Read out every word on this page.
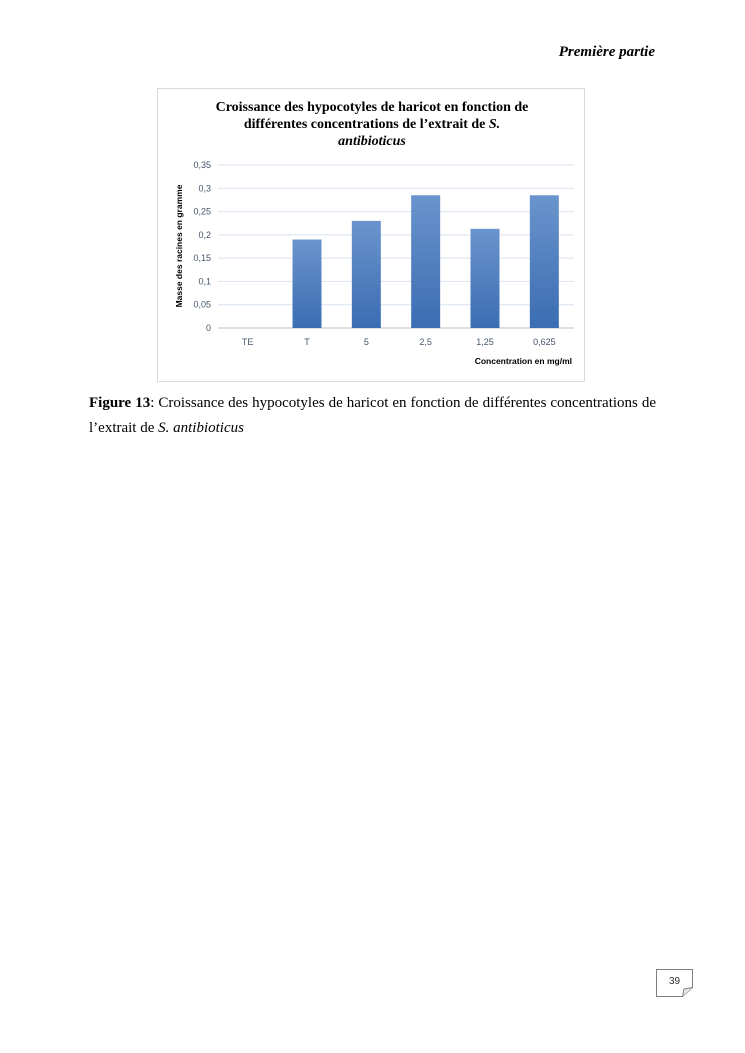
Première partie
Croissance des hypocotyles de haricot en fonction de
différentes concentrations de l’extrait de S.
antibioticus
0
0,05
0,1
0,15
0,2
0,25
0,3
0,35
TE	T	5	2,5	1,25	0,625
Masse des racines en gramme
Concentration en mg/ml
Figure 13: Croissance des hypocotyles de haricot en fonction de différentes concentrations de l’extrait de S. antibioticus
39
